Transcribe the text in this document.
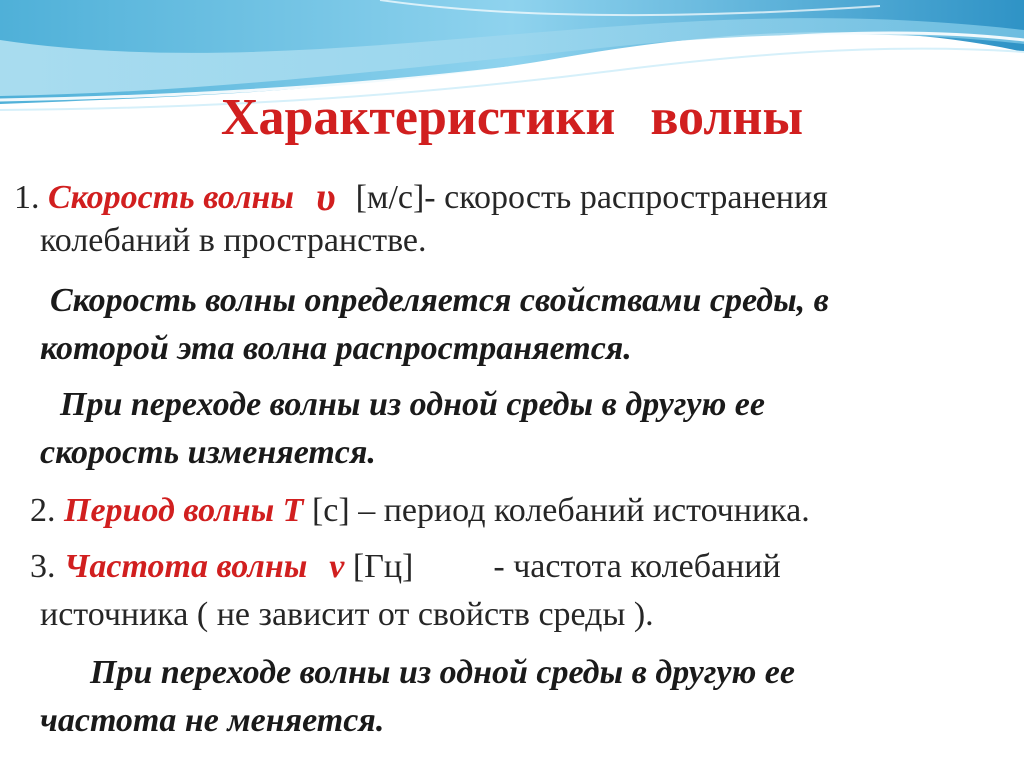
Характеристики волны
1. Скорость волны υ [м/с]- скорость распространения
колебаний в пространстве.
Скорость волны определяется свойствами среды, в
которой эта волна распространяется.
При переходе волны из одной среды в другую ее
скорость изменяется.
2. Период волны Т [с] – период колебаний источника.
3. Частота волны ν [Гц] - частота колебаний
источника ( не зависит от свойств среды ).
При переходе волны из одной среды в другую ее
частота не меняется.
